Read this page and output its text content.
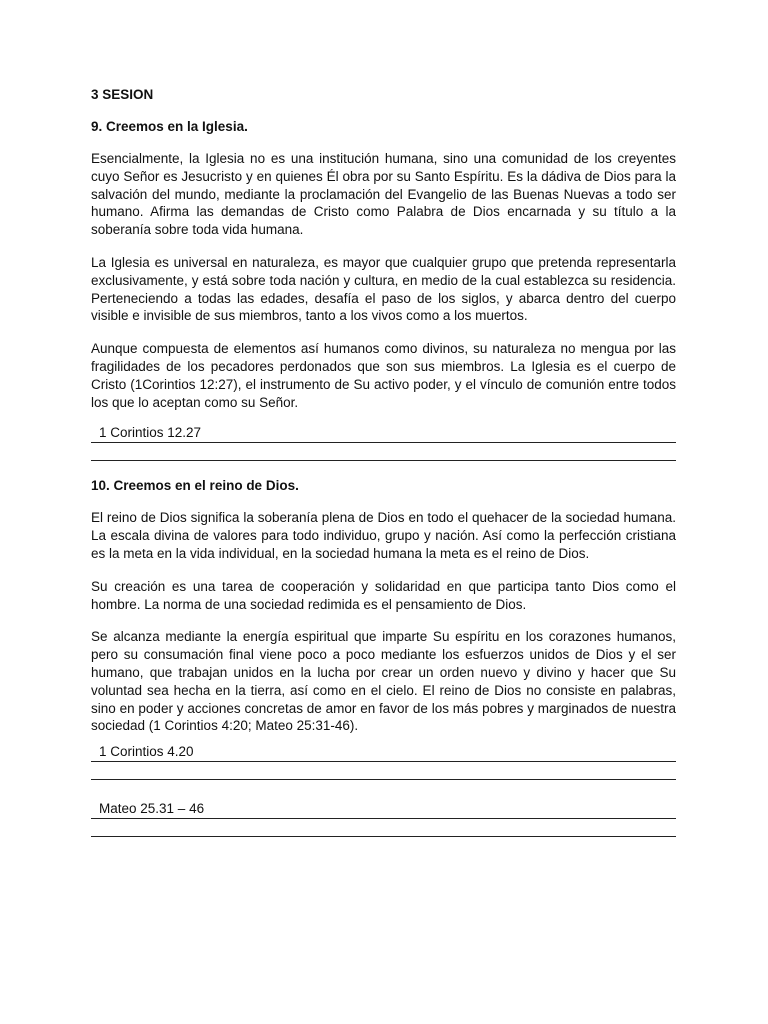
3 SESION
9. Creemos en la Iglesia.

Esencialmente, la Iglesia no es una institución humana, sino una comunidad de los creyentes cuyo Señor es Jesucristo y en quienes Él obra por su Santo Espíritu. Es la dádiva de Dios para la salvación del mundo, mediante la proclamación del Evangelio de las Buenas Nuevas a todo ser humano. Afirma las demandas de Cristo como Palabra de Dios encarnada y su título a la soberanía sobre toda vida humana.

La Iglesia es universal en naturaleza, es mayor que cualquier grupo que pretenda representarla exclusivamente, y está sobre toda nación y cultura, en medio de la cual establezca su residencia. Perteneciendo a todas las edades, desafía el paso de los siglos, y abarca dentro del cuerpo visible e invisible de sus miembros, tanto a los vivos como a los muertos.

Aunque compuesta de elementos así humanos como divinos, su naturaleza no mengua por las fragilidades de los pecadores perdonados que son sus miembros. La Iglesia es el cuerpo de Cristo (1Corintios 12:27), el instrumento de Su activo poder, y el vínculo de comunión entre todos los que lo aceptan como su Señor.

1 Corintios 12.27
10. Creemos en el reino de Dios.

El reino de Dios significa la soberanía plena de Dios en todo el quehacer de la sociedad humana. La escala divina de valores para todo individuo, grupo y nación. Así como la perfección cristiana es la meta en la vida individual, en la sociedad humana la meta es el reino de Dios.

Su creación es una tarea de cooperación y solidaridad en que participa tanto Dios como el hombre. La norma de una sociedad redimida es el pensamiento de Dios.

Se alcanza mediante la energía espiritual que imparte Su espíritu en los corazones humanos, pero su consumación final viene poco a poco mediante los esfuerzos unidos de Dios y el ser humano, que trabajan unidos en la lucha por crear un orden nuevo y divino y hacer que Su voluntad sea hecha en la tierra, así como en el cielo. El reino de Dios no consiste en palabras, sino en poder y acciones concretas de amor en favor de los más pobres y marginados de nuestra sociedad (1 Corintios 4:20; Mateo 25:31-46).

1 Corintios 4.20
Mateo 25.31 – 46
